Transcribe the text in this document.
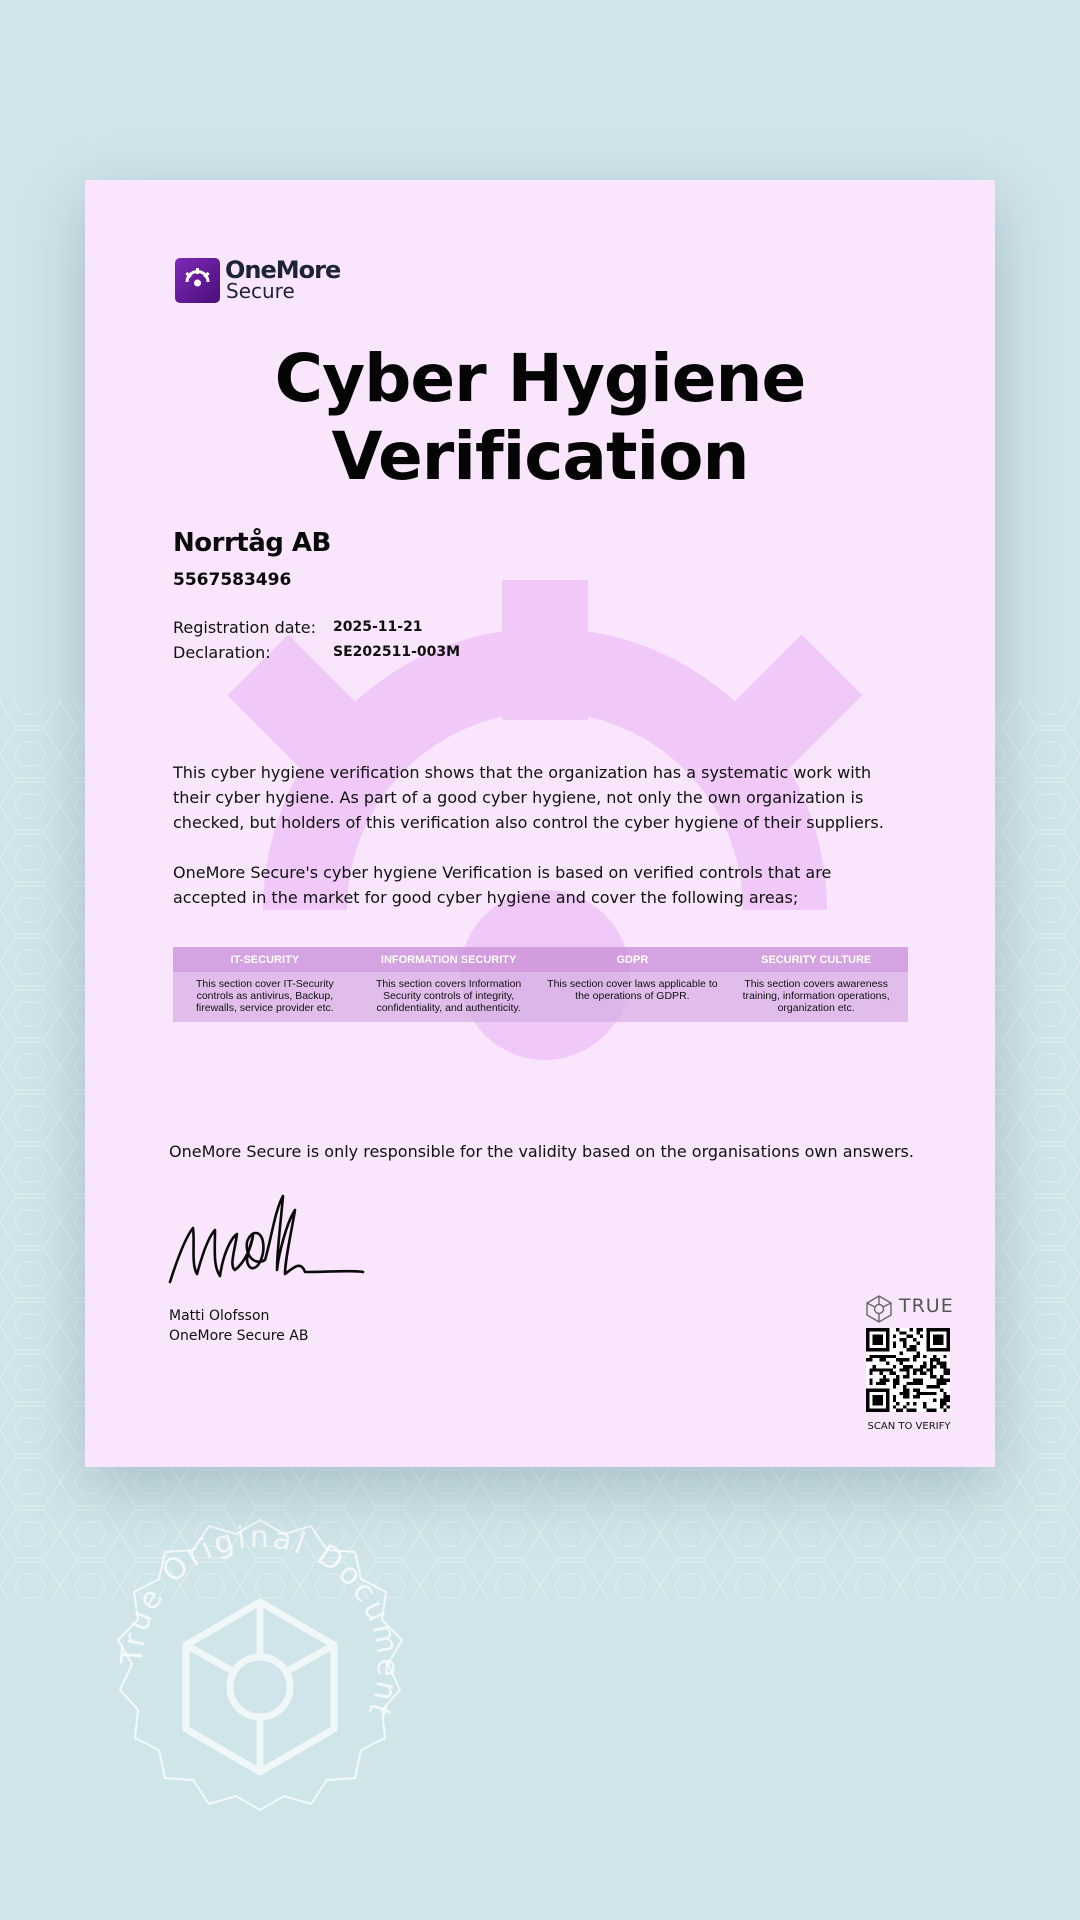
True Original Document
OneMore
Secure
Cyber Hygiene
Verification
Norrtåg AB
5567583496
Registration date: 2025-11-21
Declaration:	SE202511-003M
This cyber hygiene verification shows that the organization has a systematic work with their cyber hygiene. As part of a good cyber hygiene, not only the own organization is checked, but holders of this verification also control the cyber hygiene of their suppliers.
OneMore Secure's cyber hygiene Verification is based on verified controls that are accepted in the market for good cyber hygiene and cover the following areas;
IT-SECURITY	INFORMATION SECURITY	GDPR	SECURITY CULTURE
This section cover IT-Security controls as antivirus, Backup, firewalls, service provider etc.	This section covers Information Security controls of integrity, confidentiality, and authenticity.	This section cover laws applicable to the operations of GDPR.	This section covers awareness training, information operations, organization etc.
OneMore Secure is only responsible for the validity based on the organisations own answers.
Matti Olofsson
OneMore Secure AB
TRUE
SCAN TO VERIFY
